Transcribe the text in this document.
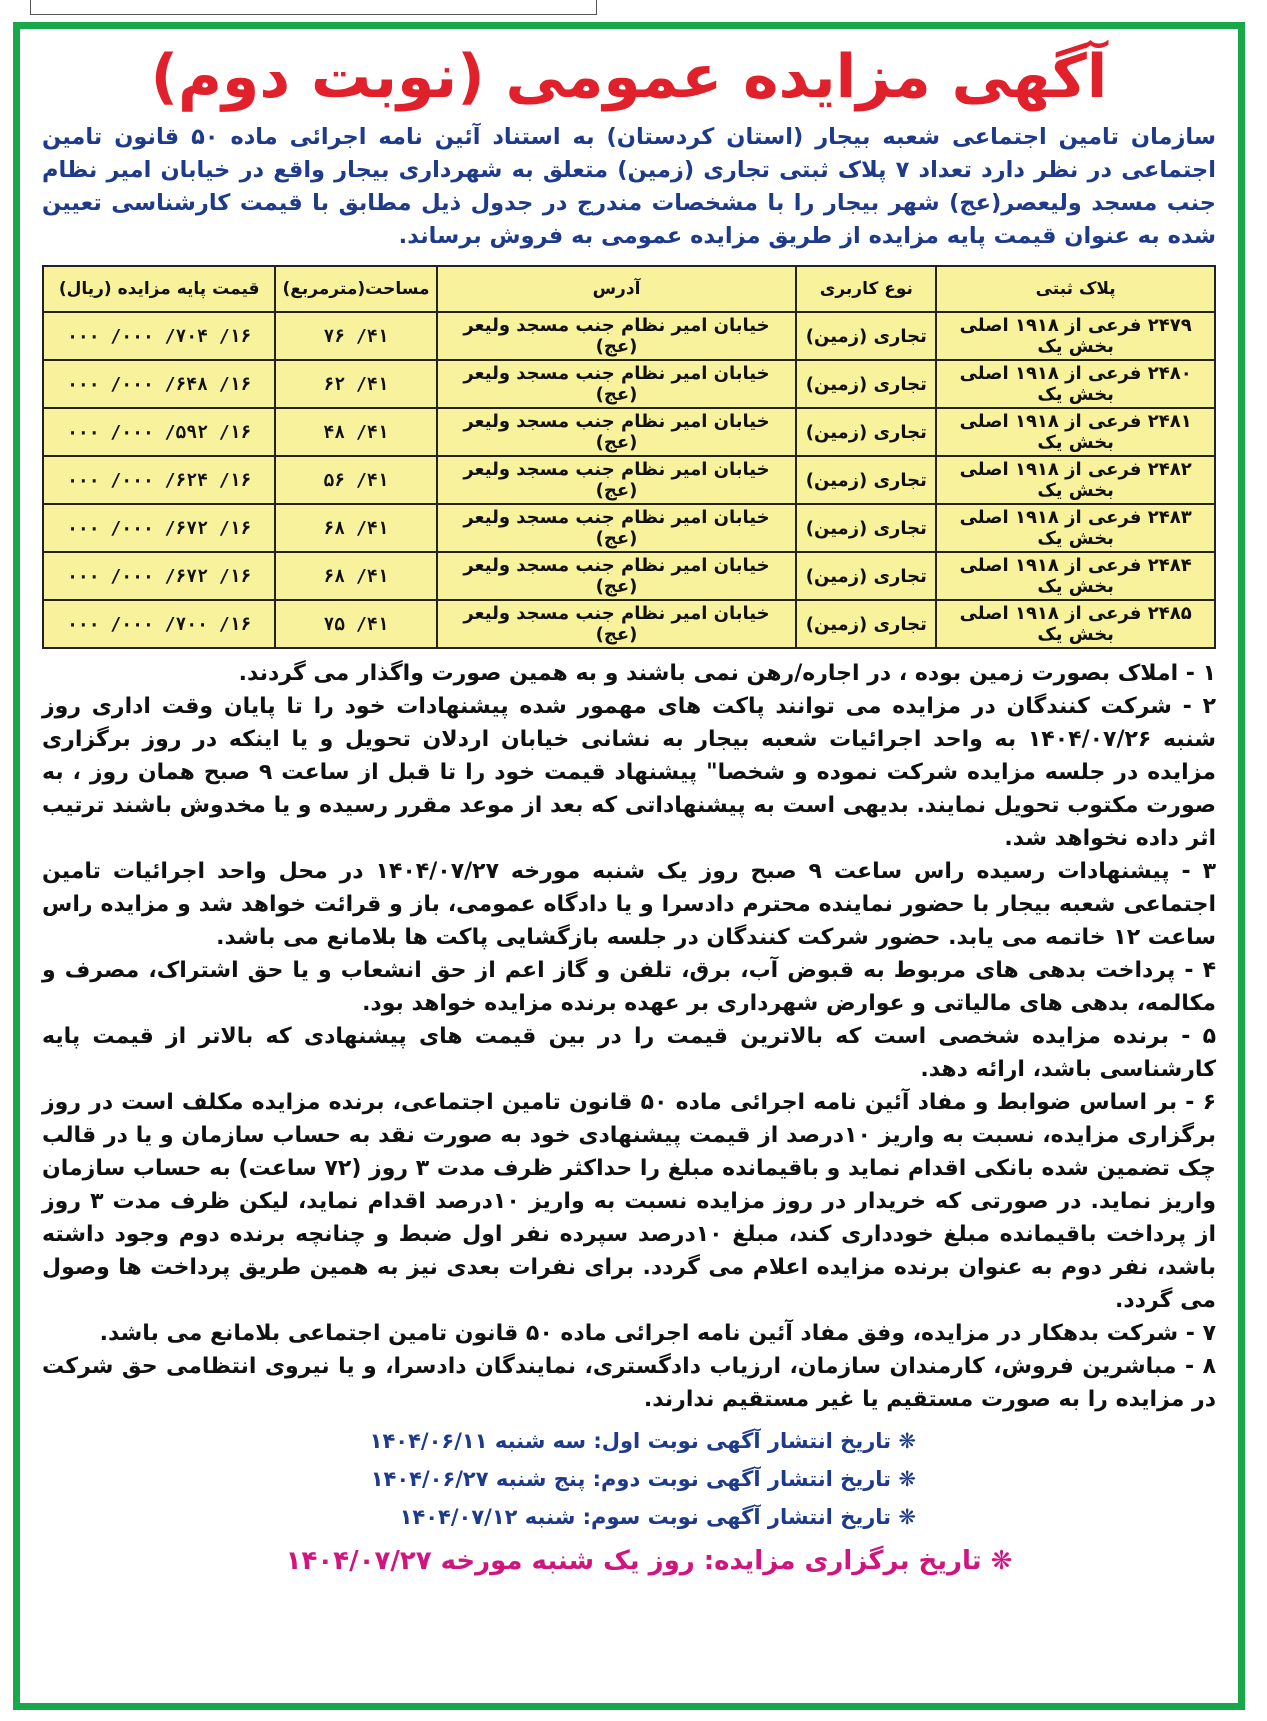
آگهی مزایده عمومی (نوبت دوم)
سازمان تامین اجتماعی شعبه بیجار (استان کردستان) به استناد آئین نامه اجرائی ماده ۵۰ قانون تامین اجتماعی در نظر دارد تعداد ۷ پلاک ثبتی تجاری (زمین) متعلق به شهرداری بیجار واقع در خیابان امیر نظام جنب مسجد ولیعصر(عج) شهر بیجار را با مشخصات مندرج در جدول ذیل مطابق با قیمت کارشناسی تعیین شده به عنوان قیمت پایه مزایده از طریق مزایده عمومی به فروش برساند.
پلاک ثبتی	نوع کاربری	آدرس	مساحت(مترمربع)	قیمت پایه مزایده (ریال)
۲۴۷۹ فرعی از ۱۹۱۸ اصلی بخش یک	تجاری (زمین)	خیابان امیر نظام جنب مسجد ولیعر (عج)	۴۱/ ۷۶	۱۶/ ۷۰۴/ ۰۰۰/ ۰۰۰
۲۴۸۰ فرعی از ۱۹۱۸ اصلی بخش یک	تجاری (زمین)	خیابان امیر نظام جنب مسجد ولیعر (عج)	۴۱/ ۶۲	۱۶/ ۶۴۸/ ۰۰۰/ ۰۰۰
۲۴۸۱ فرعی از ۱۹۱۸ اصلی بخش یک	تجاری (زمین)	خیابان امیر نظام جنب مسجد ولیعر (عج)	۴۱/ ۴۸	۱۶/ ۵۹۲/ ۰۰۰/ ۰۰۰
۲۴۸۲ فرعی از ۱۹۱۸ اصلی بخش یک	تجاری (زمین)	خیابان امیر نظام جنب مسجد ولیعر (عج)	۴۱/ ۵۶	۱۶/ ۶۲۴/ ۰۰۰/ ۰۰۰
۲۴۸۳ فرعی از ۱۹۱۸ اصلی بخش یک	تجاری (زمین)	خیابان امیر نظام جنب مسجد ولیعر (عج)	۴۱/ ۶۸	۱۶/ ۶۷۲/ ۰۰۰/ ۰۰۰
۲۴۸۴ فرعی از ۱۹۱۸ اصلی بخش یک	تجاری (زمین)	خیابان امیر نظام جنب مسجد ولیعر (عج)	۴۱/ ۶۸	۱۶/ ۶۷۲/ ۰۰۰/ ۰۰۰
۲۴۸۵ فرعی از ۱۹۱۸ اصلی بخش یک	تجاری (زمین)	خیابان امیر نظام جنب مسجد ولیعر (عج)	۴۱/ ۷۵	۱۶/ ۷۰۰/ ۰۰۰/ ۰۰۰

۱ - املاک بصورت زمین بوده ، در اجاره/رهن نمی باشند و به همین صورت واگذار می گردند.

۲ - شرکت کنندگان در مزایده می توانند پاکت های مهمور شده پیشنهادات خود را تا پایان وقت اداری روز شنبه ۱۴۰۴/۰۷/۲۶ به واحد اجرائیات شعبه بیجار به نشانی خیابان اردلان تحویل و یا اینکه در روز برگزاری مزایده در جلسه مزایده شرکت نموده و شخصا" پیشنهاد قیمت خود را تا قبل از ساعت ۹ صبح همان روز ، به صورت مکتوب تحویل نمایند. بدیهی است به پیشنهاداتی که بعد از موعد مقرر رسیده و یا مخدوش باشند ترتیب اثر داده نخواهد شد.

۳ - پیشنهادات رسیده راس ساعت ۹ صبح روز یک شنبه مورخه ۱۴۰۴/۰۷/۲۷ در محل واحد اجرائیات تامین اجتماعی شعبه بیجار با حضور نماینده محترم دادسرا و یا دادگاه عمومی، باز و قرائت خواهد شد و مزایده راس ساعت ۱۲ خاتمه می یابد. حضور شرکت کنندگان در جلسه بازگشایی پاکت ها بلامانع می باشد.

۴ - پرداخت بدهی های مربوط به قبوض آب، برق، تلفن و گاز اعم از حق انشعاب و یا حق اشتراک، مصرف و مکالمه، بدهی های مالیاتی و عوارض شهرداری بر عهده برنده مزایده خواهد بود.

۵ - برنده مزایده شخصی است که بالاترین قیمت را در بین قیمت های پیشنهادی که بالاتر از قیمت پایه کارشناسی باشد، ارائه دهد.

۶ - بر اساس ضوابط و مفاد آئین نامه اجرائی ماده ۵۰ قانون تامین اجتماعی، برنده مزایده مکلف است در روز برگزاری مزایده، نسبت به واریز ۱۰درصد از قیمت پیشنهادی خود به صورت نقد به حساب سازمان و یا در قالب چک تضمین شده بانکی اقدام نماید و باقیمانده مبلغ را حداکثر ظرف مدت ۳ روز (۷۲ ساعت) به حساب سازمان واریز نماید. در صورتی که خریدار در روز مزایده نسبت به واریز ۱۰درصد اقدام نماید، لیکن ظرف مدت ۳ روز از پرداخت باقیمانده مبلغ خودداری کند، مبلغ ۱۰درصد سپرده نفر اول ضبط و چنانچه برنده دوم وجود داشته باشد، نفر دوم به عنوان برنده مزایده اعلام می گردد. برای نفرات بعدی نیز به همین طریق پرداخت ها وصول می گردد.

۷ - شرکت بدهکار در مزایده، وفق مفاد آئین نامه اجرائی ماده ۵۰ قانون تامین اجتماعی بلامانع می باشد.

۸ - مباشرین فروش، کارمندان سازمان، ارزیاب دادگستری، نمایندگان دادسرا، و یا نیروی انتظامی حق شرکت در مزایده را به صورت مستقیم یا غیر مستقیم ندارند.

❋ تاریخ انتشار آگهی نوبت اول: سه شنبه ۱۴۰۴/۰۶/۱۱
❋ تاریخ انتشار آگهی نوبت دوم: پنج شنبه ۱۴۰۴/۰۶/۲۷
❋ تاریخ انتشار آگهی نوبت سوم: شنبه ۱۴۰۴/۰۷/۱۲
❋ تاریخ برگزاری مزایده: روز یک شنبه مورخه ۱۴۰۴/۰۷/۲۷
